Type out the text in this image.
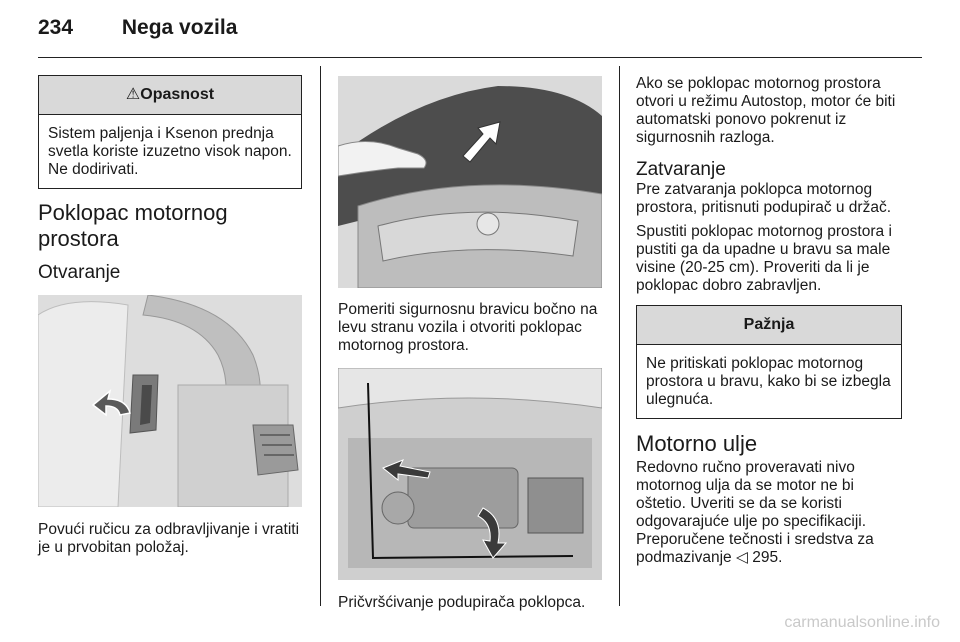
234 Nega vozila
⚠Opasnost
Sistem paljenja i Ksenon prednja svetla koriste izuzetno visok napon. Ne dodirivati.
Poklopac motornog prostora
Otvaranje

Povući ručicu za odbravljivanje i vratiti je u prvobitan položaj.

Pomeriti sigurnosnu bravicu bočno na levu stranu vozila i otvoriti poklopac motornog prostora.

Pričvršćivanje podupirača poklopca.

Ako se poklopac motornog prostora otvori u režimu Autostop, motor će biti automatski ponovo pokrenut iz sigurnosnih razloga.

Zatvaranje

Pre zatvaranja poklopca motornog prostora, pritisnuti podupirač u držač.

Spustiti poklopac motornog prostora i pustiti ga da upadne u bravu sa male visine (20-25 cm). Proveriti da li je poklopac dobro zabravljen.

Pažnja
Ne pritiskati poklopac motornog prostora u bravu, kako bi se izbegla ulegnuća.
Motorno ulje

Redovno ručno proveravati nivo motornog ulja da se motor ne bi oštetio. Uveriti se da se koristi odgovarajuće ulje po specifikaciji. Preporučene tečnosti i sredstva za podmazivanje ◁ 295.

carmanualsonline.info
